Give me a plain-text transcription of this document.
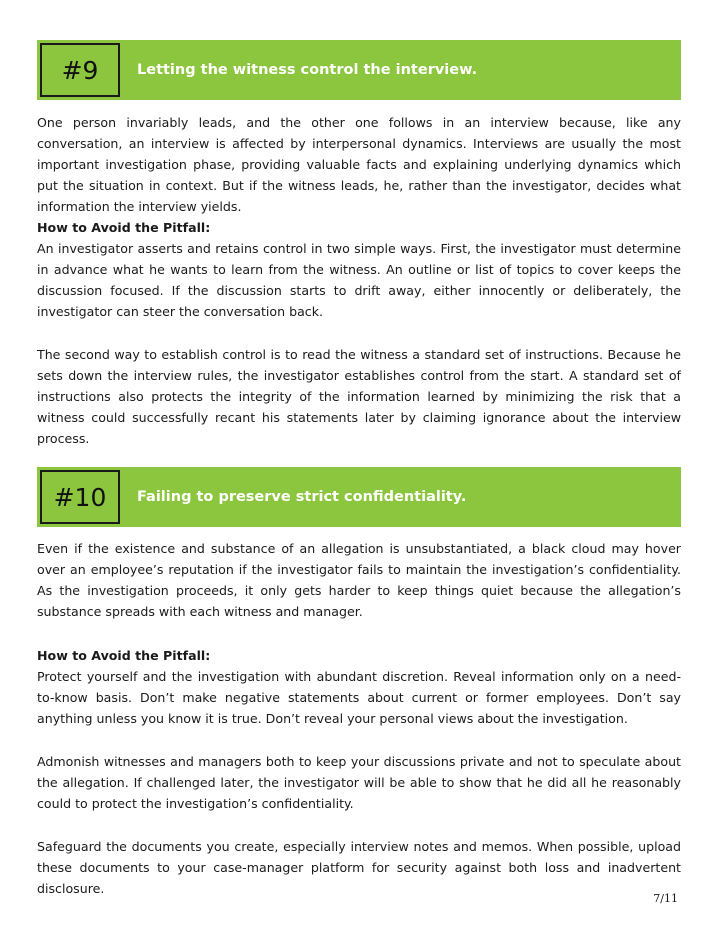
#9	Letting the witness control the interview.

One person invariably leads, and the other one follows in an interview because, like any conversation, an interview is affected by interpersonal dynamics. Interviews are usually the most important investigation phase, providing valuable facts and explaining underlying dynamics which put the situation in context. But if the witness leads, he, rather than the investigator, decides what information the interview yields.

How to Avoid the Pitfall:

An investigator asserts and retains control in two simple ways. First, the investigator must determine in advance what he wants to learn from the witness. An outline or list of topics to cover keeps the discussion focused. If the discussion starts to drift away, either innocently or deliberately, the investigator can steer the conversation back.

The second way to establish control is to read the witness a standard set of instructions. Because he sets down the interview rules, the investigator establishes control from the start. A standard set of instructions also protects the integrity of the information learned by minimizing the risk that a witness could successfully recant his statements later by claiming ignorance about the interview process.

#10	Failing to preserve strict confidentiality.

Even if the existence and substance of an allegation is unsubstantiated, a black cloud may hover over an employee’s reputation if the investigator fails to maintain the investigation’s confidentiality. As the investigation proceeds, it only gets harder to keep things quiet because the allegation’s substance spreads with each witness and manager.

How to Avoid the Pitfall:

Protect yourself and the investigation with abundant discretion. Reveal information only on a need-to-know basis. Don’t make negative statements about current or former employees. Don’t say anything unless you know it is true. Don’t reveal your personal views about the investigation.

Admonish witnesses and managers both to keep your discussions private and not to speculate about the allegation. If challenged later, the investigator will be able to show that he did all he reasonably could to protect the investigation’s confidentiality.

Safeguard the documents you create, especially interview notes and memos. When possible, upload these documents to your case-manager platform for security against both loss and inadvertent disclosure.

7/11
